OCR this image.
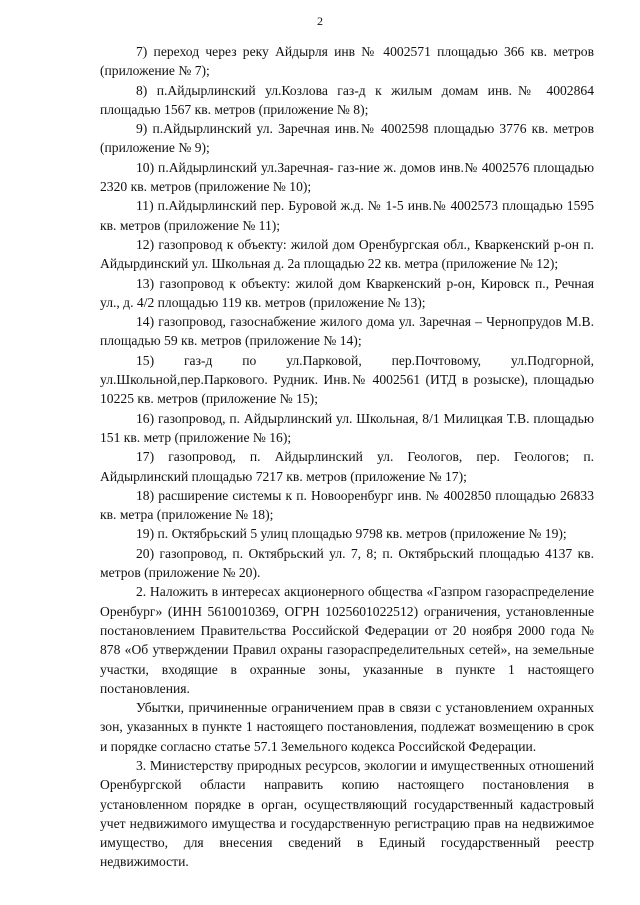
2

7) переход через реку Айдырля инв № 4002571 площадью 366 кв. метров (приложение № 7);

8) п.Айдырлинский ул.Козлова газ-д к жилым домам инв.№ 4002864 площадью 1567 кв. метров (приложение № 8);

9) п.Айдырлинский ул. Заречная инв.№ 4002598 площадью 3776 кв. метров (приложение № 9);

10) п.Айдырлинский ул.Заречная- газ-ние ж. домов инв.№ 4002576 площадью 2320 кв. метров (приложение № 10);

11) п.Айдырлинский пер. Буровой ж.д. № 1-5 инв.№ 4002573 площадью 1595 кв. метров (приложение № 11);

12) газопровод к объекту: жилой дом Оренбургская обл., Кваркенский р-он п. Айдырдинский ул. Школьная д. 2а площадью 22 кв. метра (приложение № 12);

13) газопровод к объекту: жилой дом Кваркенский р-он, Кировск п., Речная ул., д. 4/2 площадью 119 кв. метров (приложение № 13);

14) газопровод, газоснабжение жилого дома ул. Заречная – Чернопрудов М.В. площадью 59 кв. метров (приложение № 14);

15) газ-д по ул.Парковой, пер.Почтовому, ул.Подгорной, ул.Школьной,пер.Паркового. Рудник. Инв.№ 4002561 (ИТД в розыске), площадью 10225 кв. метров (приложение № 15);

16) газопровод, п. Айдырлинский ул. Школьная, 8/1 Милицкая Т.В. площадью 151 кв. метр (приложение № 16);

17) газопровод, п. Айдырлинский ул. Геологов, пер. Геологов; п. Айдырлинский площадью 7217 кв. метров (приложение № 17);

18) расширение системы к п. Новооренбург инв. № 4002850 площадью 26833 кв. метра (приложение № 18);

19) п. Октябрьский 5 улиц площадью 9798 кв. метров (приложение № 19);

20) газопровод, п. Октябрьский ул. 7, 8; п. Октябрьский площадью 4137 кв. метров (приложение № 20).

2. Наложить в интересах акционерного общества «Газпром газораспределение Оренбург» (ИНН 5610010369, ОГРН 1025601022512) ограничения, установленные постановлением Правительства Российской Федерации от 20 ноября 2000 года № 878 «Об утверждении Правил охраны газораспределительных сетей», на земельные участки, входящие в охранные зоны, указанные в пункте 1 настоящего постановления.

Убытки, причиненные ограничением прав в связи с установлением охранных зон, указанных в пункте 1 настоящего постановления, подлежат возмещению в срок и порядке согласно статье 57.1 Земельного кодекса Российской Федерации.

3. Министерству природных ресурсов, экологии и имущественных отношений Оренбургской области направить копию настоящего постановления в установленном порядке в орган, осуществляющий государственный кадастровый учет недвижимого имущества и государственную регистрацию прав на недвижимое имущество, для внесения сведений в Единый государственный реестр недвижимости.
